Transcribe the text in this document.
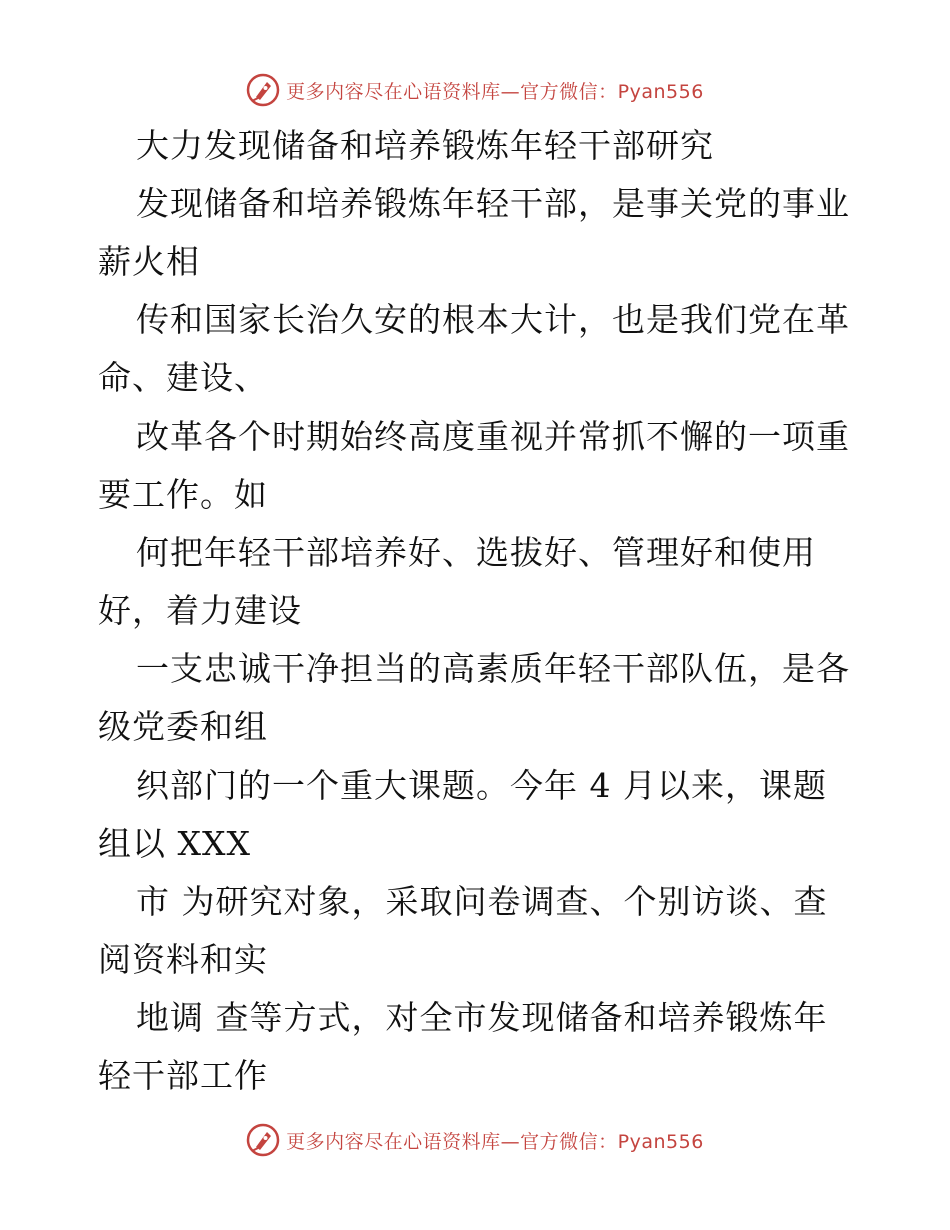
更多内容尽在心语资料库—官方微信：Pyan556
大力发现储备和培养锻炼年轻干部研究
发现储备和培养锻炼年轻干部，是事关党的事业
薪火相
传和国家长治久安的根本大计，也是我们党在革
命、建设、
改革各个时期始终高度重视并常抓不懈的一项重
要工作。如
何把年轻干部培养好、选拔好、管理好和使用
好，着力建设
一支忠诚干净担当的高素质年轻干部队伍，是各
级党委和组
织部门的一个重大课题。今年 4 月以来，课题
组以 XXX
市 为研究对象，采取问卷调查、个别访谈、查
阅资料和实
地调 查等方式，对全市发现储备和培养锻炼年
轻干部工作
更多内容尽在心语资料库—官方微信：Pyan556
